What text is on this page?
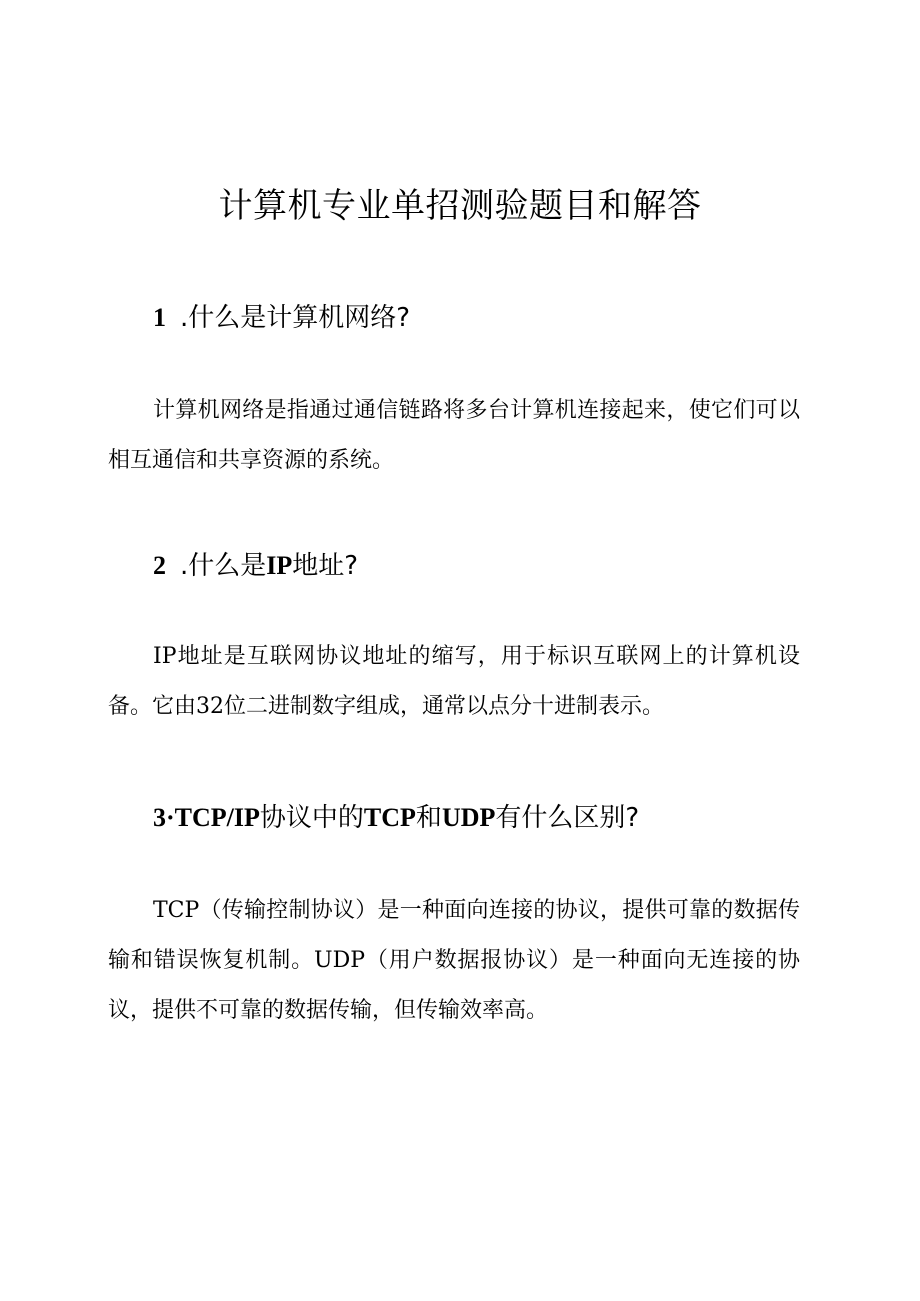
计算机专业单招测验题目和解答
1 .什么是计算机网络?

计算机网络是指通过通信链路将多台计算机连接起来，使它们可以相互通信和共享资源的系统。

2 .什么是IP地址?

IP地址是互联网协议地址的缩写，用于标识互联网上的计算机设备。它由32位二进制数字组成，通常以点分十进制表示。

3·TCP/IP协议中的TCP和UDP有什么区别?

TCP（传输控制协议）是一种面向连接的协议，提供可靠的数据传输和错误恢复机制。UDP（用户数据报协议）是一种面向无连接的协议，提供不可靠的数据传输，但传输效率高。
